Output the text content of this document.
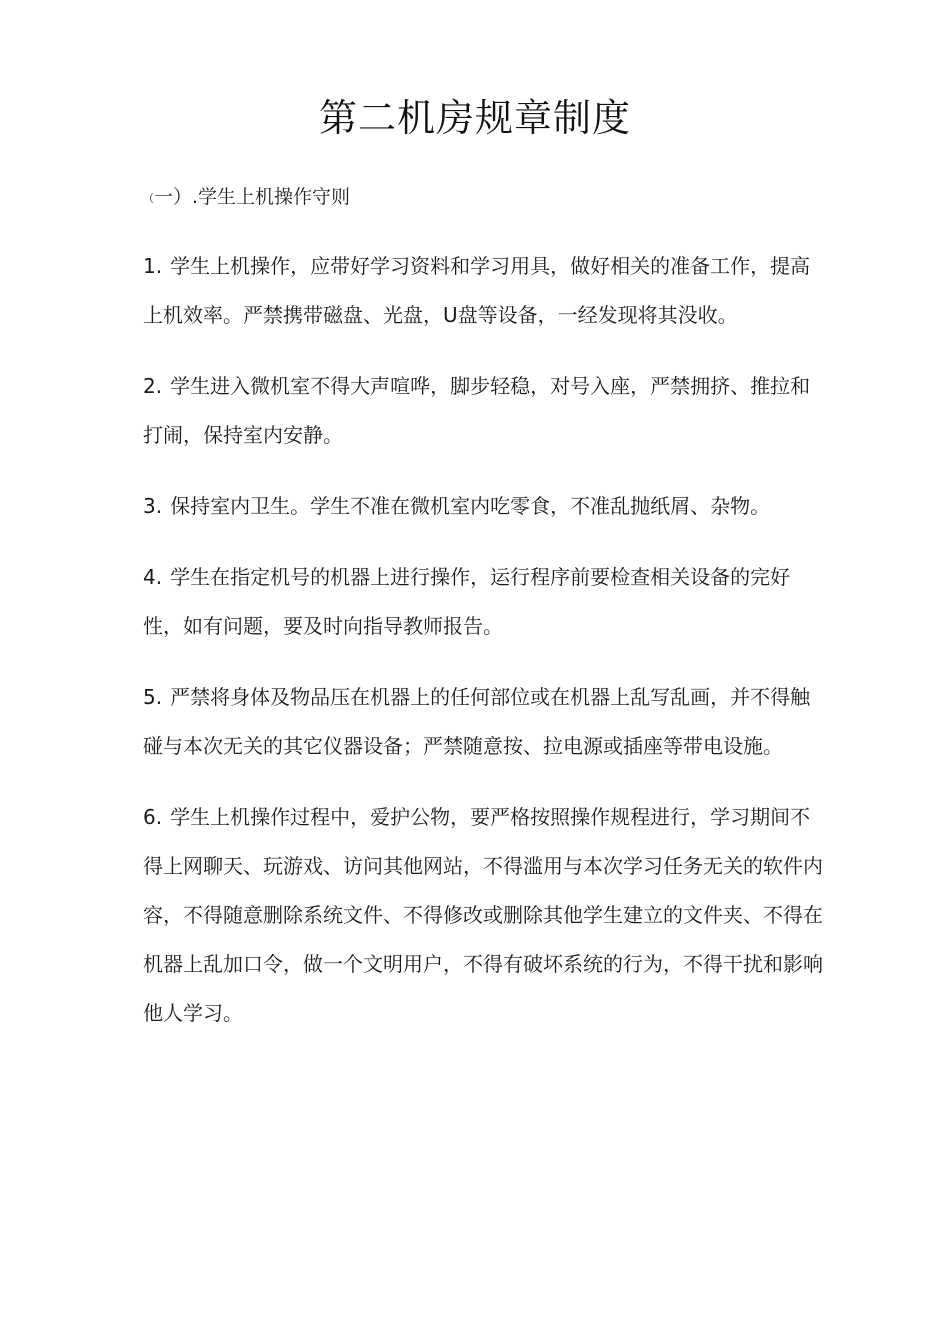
第二机房规章制度
（一）.学生上机操作守则

1. 学生上机操作，应带好学习资料和学习用具，做好相关的准备工作，提高上机效率。严禁携带磁盘、光盘，U盘等设备，一经发现将其没收。

2. 学生进入微机室不得大声喧哗，脚步轻稳，对号入座，严禁拥挤、推拉和打闹，保持室内安静。

3. 保持室内卫生。学生不准在微机室内吃零食，不准乱抛纸屑、杂物。

4. 学生在指定机号的机器上进行操作，运行程序前要检查相关设备的完好性，如有问题，要及时向指导教师报告。

5. 严禁将身体及物品压在机器上的任何部位或在机器上乱写乱画，并不得触碰与本次无关的其它仪器设备；严禁随意按、拉电源或插座等带电设施。

6. 学生上机操作过程中，爱护公物，要严格按照操作规程进行，学习期间不得上网聊天、玩游戏、访问其他网站，不得滥用与本次学习任务无关的软件内容，不得随意删除系统文件、不得修改或删除其他学生建立的文件夹、不得在机器上乱加口令，做一个文明用户，不得有破坏系统的行为，不得干扰和影响他人学习。
